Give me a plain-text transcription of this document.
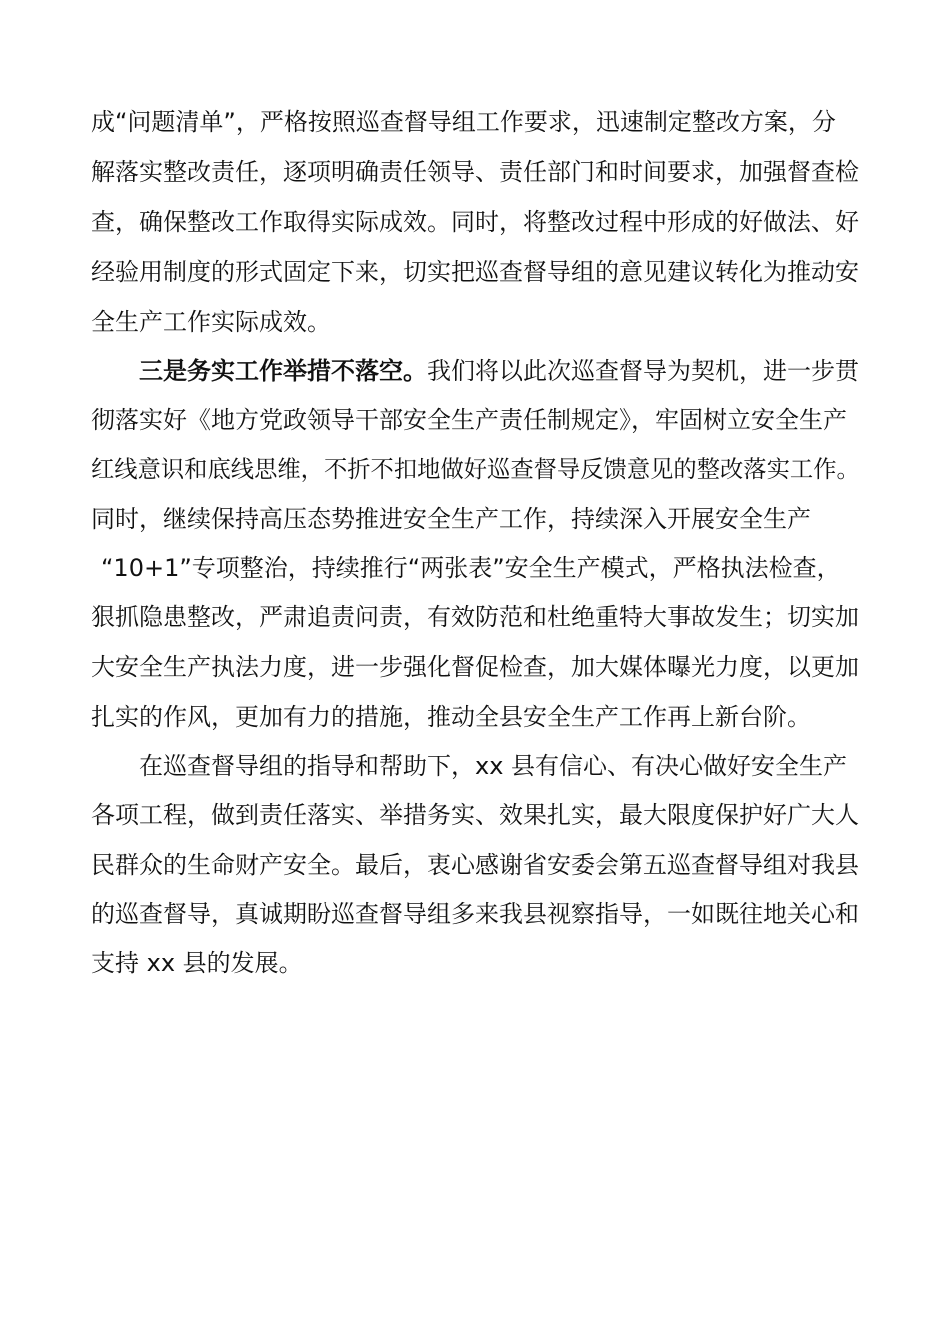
成“问题清单”，严格按照巡查督导组工作要求，迅速制定整改方案，分

解落实整改责任，逐项明确责任领导、责任部门和时间要求，加强督查检

查，确保整改工作取得实际成效。同时，将整改过程中形成的好做法、好

经验用制度的形式固定下来，切实把巡查督导组的意见建议转化为推动安

全生产工作实际成效。

三是务实工作举措不落空。我们将以此次巡查督导为契机，进一步贯

彻落实好《地方党政领导干部安全生产责任制规定》，牢固树立安全生产

红线意识和底线思维，不折不扣地做好巡查督导反馈意见的整改落实工作。

同时，继续保持高压态势推进安全生产工作，持续深入开展安全生产

“10+1”专项整治，持续推行“两张表”安全生产模式，严格执法检查，

狠抓隐患整改，严肃追责问责，有效防范和杜绝重特大事故发生；切实加

大安全生产执法力度，进一步强化督促检查，加大媒体曝光力度，以更加

扎实的作风，更加有力的措施，推动全县安全生产工作再上新台阶。

在巡查督导组的指导和帮助下，xx 县有信心、有决心做好安全生产

各项工程，做到责任落实、举措务实、效果扎实，最大限度保护好广大人

民群众的生命财产安全。最后，衷心感谢省安委会第五巡查督导组对我县

的巡查督导，真诚期盼巡查督导组多来我县视察指导，一如既往地关心和

支持 xx 县的发展。
